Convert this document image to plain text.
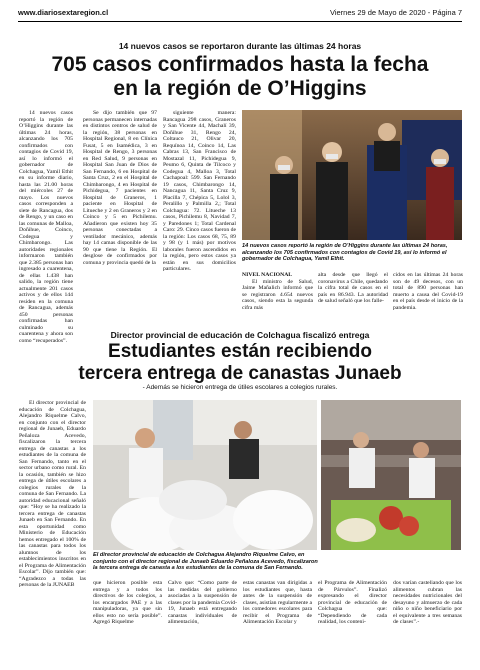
www.diariosextaregion.cl	Viernes 29 de Mayo de 2020 - Página 7
14 nuevos casos se reportaron durante las últimas 24 horas
705 casos confirmados hasta la fecha
en la región de O’Higgins

14 nuevos casos reportó la región de O’Higgins durante las últimas 24 horas, alcanzando los 705 confirmados con contagios de Covid 19, así lo informó el gobernador de Colchagua, Yamil Ethit en su informe diario, hasta las 21.00 horas del miércoles 27 de mayo. Los nuevos casos corresponden a siete de Rancagua, dos de Rengo, y un caso en las comunas de Malloa, Doñihue, Coinco, Codegua y Chimbarongo. Las autoridades regionales informaron también que 2.385 personas han ingresado a cuarentena, de ellas 1.438 han salido, la región tiene actualmente 201 casos activos y de ellos 144 residen en la comuna de Rancagua, además 450 personas confirmadas han culminado su cuarentena y ahora son como “recuperados”.

Se dijo también que 97 personas permanecen internadas en distintos centros de salud de la región, 38 personas en Hospital Regional, 8 en Clínica Fusat, 5 en Isamédica, 3 en Hospital de Rengo, 3 personas en Red Salud, 9 personas en Hospital San Juan de Dios de San Fernando, 6 en Hospital de Santa Cruz, 2 en el Hospital de Chimbarongo, 4 en Hospital de Pichidegua, 7 pacientes en Hospital de Graneros, 1 paciente en Hospital de Litueche y 2 en Graneros y 2 en Coinco y 5 en Pichilemu. Añadieron que existen hoy 35 personas conectadas a ventilador mecánico, además hay 14 camas disponible de las 90 que tiene la Región. El desglose de confirmados por comuna y provincia quedó de la

siguiente manera: Rancagua 298 casos, Graneros y San Vicente 44, Machalí 39, Doñihue 31, Rengo 24, Coltauco 21, Olivar 20, Requínoa 14, Coinco 14, Las Cabras 13, San Francisco de Mostazal 11, Pichidegua 9, Peumo 6, Quinta de Tilcoco y Codegua 4, Malloa 3, Total Cachapoal: 599. San Fernando 19 casos, Chimbarongo 14, Nancagua 11, Santa Cruz 9, Placilla 7, Chépica 5, Lolol 3, Peralillo y Palmilla 2,; Total Colchagua: 72. Litueche 13 casos, Pichilemu 8, Navidad 7, y Paredones 1; Total Cardenal Caro: 29. Cinco casos fueron de la región: Los casos 68, 75, 89 y 98 (y 1 más) por motivos laborales fueron ascendidos en la región, pero estos casos ya están en sus domicilios particulares.

14 nuevos casos reportó la región de O’Higgins durante las últimas 24 horas, alcanzando los 705 confirmados con contagios de Covid 19, así lo informó el gobernador de Colchagua, Yamil Ethit.

NIVEL NACIONAL

El ministro de Salud, Jaime Mañalich informó que se registraron 4.654 nuevos casos, siendo esta la segunda cifra más

alta desde que llegó el coronavirus a Chile, quedando la cifra total de casos en el país en 86.943. La autoridad de salud señaló que los falle-

cidos en las últimas 24 horas son de 49 decesos, con un total de 890 personas han muerto a causa del Covid-19 en el país desde el inicio de la pandemia.

Director provincial de educación de Colchagua fiscalizó entrega
Estudiantes están recibiendo
tercera entrega de canastas Junaeb
- Además se hicieron entrega de útiles escolares a colegios rurales.

El director provincial de educación de Colchagua, Alejandro Riquelme Calvo, en conjunto con el director regional de Junaeb, Eduardo Peñaloza Acevedo, fiscalizaron la tercera entrega de canastas a los estudiantes de la comuna de San Fernando, tanto en el sector urbano como rural. En la ocasión, también se hizo entrega de útiles escolares a colegios rurales de la comuna de San Fernando. La autoridad educacional señaló que: “Hoy se ha realizado la tercera entrega de canastas Junaeb en San Fernando. En esta oportunidad como Ministerio de Educación hemos entregado el 100% de las canastas para todos los alumnos de los establecimientos inscritos en el Programa de Alimentación Escolar”. Dijo también que: “Agradezco a todas las personas de la JUNAEB

El director provincial de educación de Colchagua Alejandro Riquelme Calvo, en conjunto con el director regional de Junaeb Eduardo Peñaloza Acevedo, fiscalizaron la tercera entrega de canasta a los estudiantes de la comuna de San Fernando.

que hicieron posible esta entrega y a todos los directivos de los colegios, a los encargados PAE y a las manipuladoras, ya que sin ellos esto no sería posible”. Agregó Riquelme

Calvo que: “Como parte de las medidas del gobierno asociadas a la suspensión de clases por la pandemia Covid-19, Junaeb está entregando canastas individuales de alimentación,

estas canastas van dirigidas a los estudiantes que, hasta antes de la suspensión de clases, asistían regularmente a los comedores escolares para recibir el Programa de Alimentación Escolar y

el Programa de Alimentación de Párvulos”. Finalizó expresando el director provincial de educación de Colchagua que: “Dependiendo de cada realidad, los conteni-

dos varían casteliando que los alimentos cubran las necesidades nutricionales del desayuno y almuerzo de cada niño o niño beneficiario por el equivalente a tres semanas de clases”.-
